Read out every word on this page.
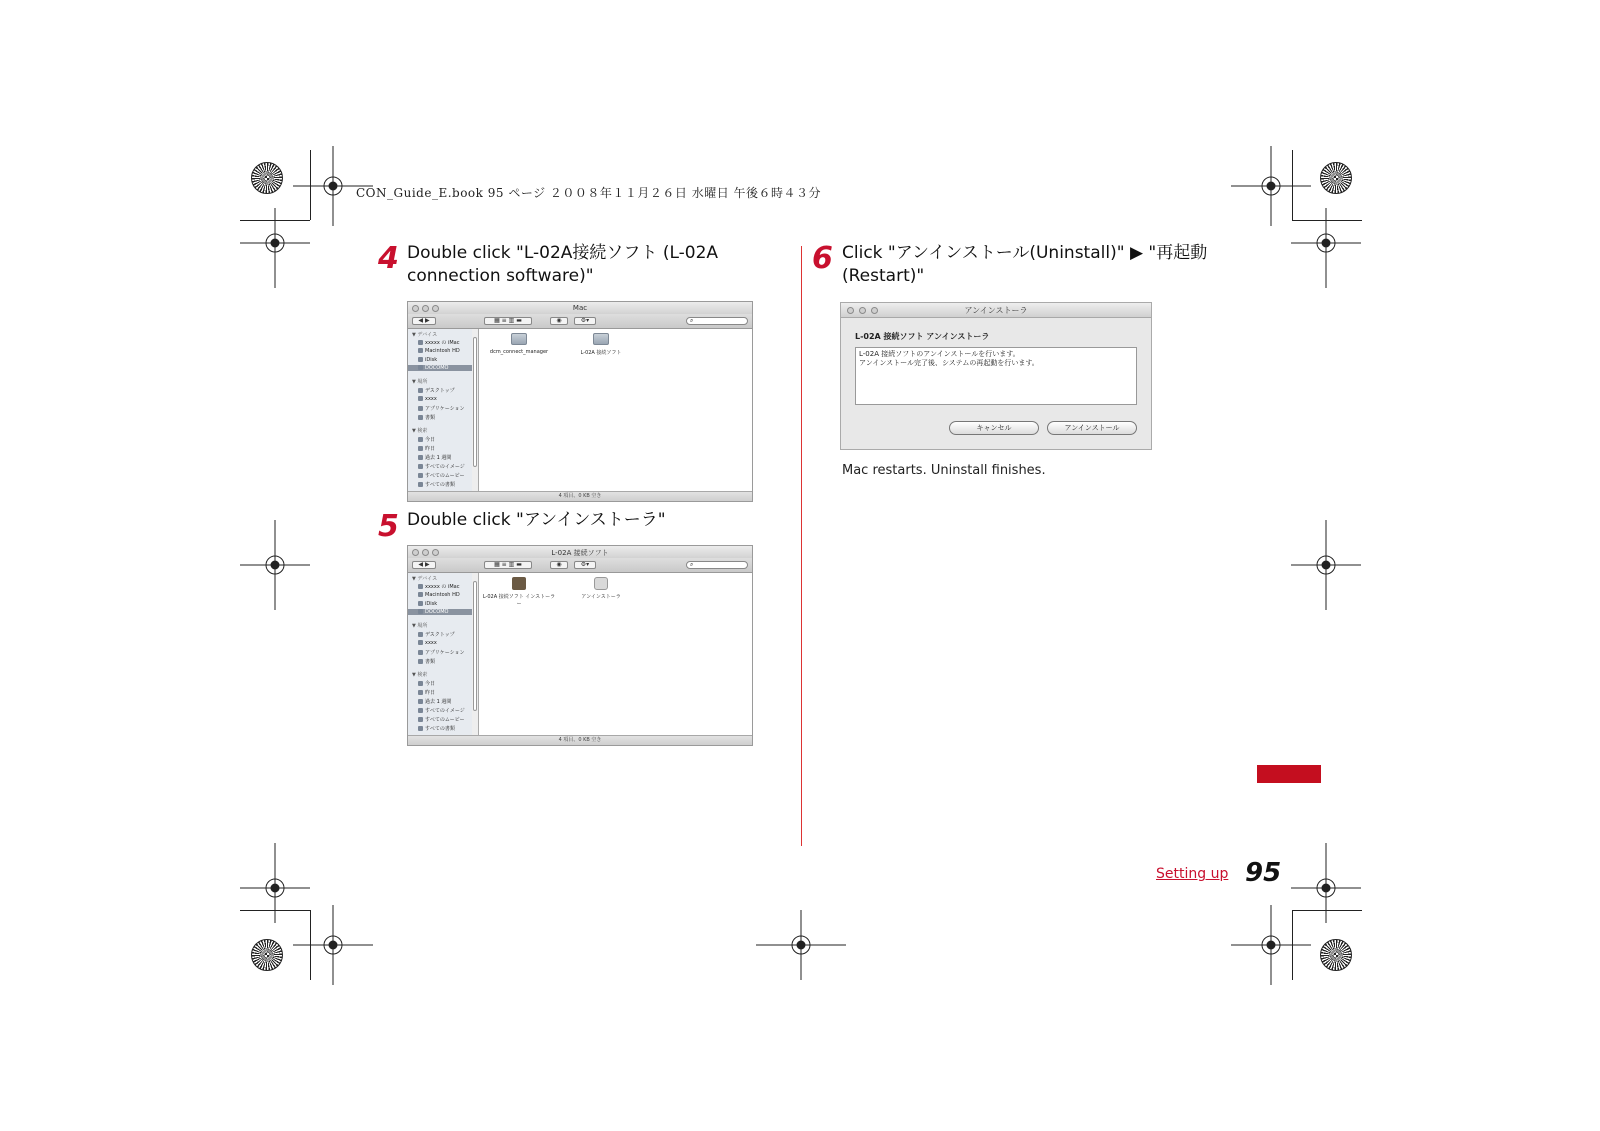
CON_Guide_E.book 95 ページ ２００８年１１月２６日 水曜日 午後６時４３分
4 Double click "L-02A接続ソフト (L-02A
connection software)"
Mac
◀ ▶	▦ ≡ ▥ ▬	◉	⚙▾	⌕
▼ デバイス
xxxxx の iMac
Macintosh HD
iDisk
DOCOMO
▼ 場所
デスクトップ
xxxx
アプリケーション
書類
▼ 検索
今日
昨日
過去 1 週間
すべてのイメージ
すべてのムービー
すべての書類
dcm_connect_manager	L-02A 接続ソフト
4 項目、0 KB 空き
5 Double click "アンインストーラ"
L-02A 接続ソフト
◀ ▶	▦ ≡ ▥ ▬	◉	⚙▾	⌕
▼ デバイス
xxxxx の iMac
Macintosh HD
iDisk
DOCOMO
▼ 場所
デスクトップ
xxxx
アプリケーション
書類
▼ 検索
今日
昨日
過去 1 週間
すべてのイメージ
すべてのムービー
すべての書類
L-02A 接続ソフト インストーラー
アンインストーラ
4 項目、0 KB 空き
6 Click "アンインストール(Uninstall)" ▶ "再起動
(Restart)"
アンインストーラ
L-02A 接続ソフト アンインストーラ
L-02A 接続ソフトのアンインストールを行います。
アンインストール完了後、システムの再起動を行います。
キャンセル	アンインストール
Mac restarts. Uninstall finishes.
Setting up 95
